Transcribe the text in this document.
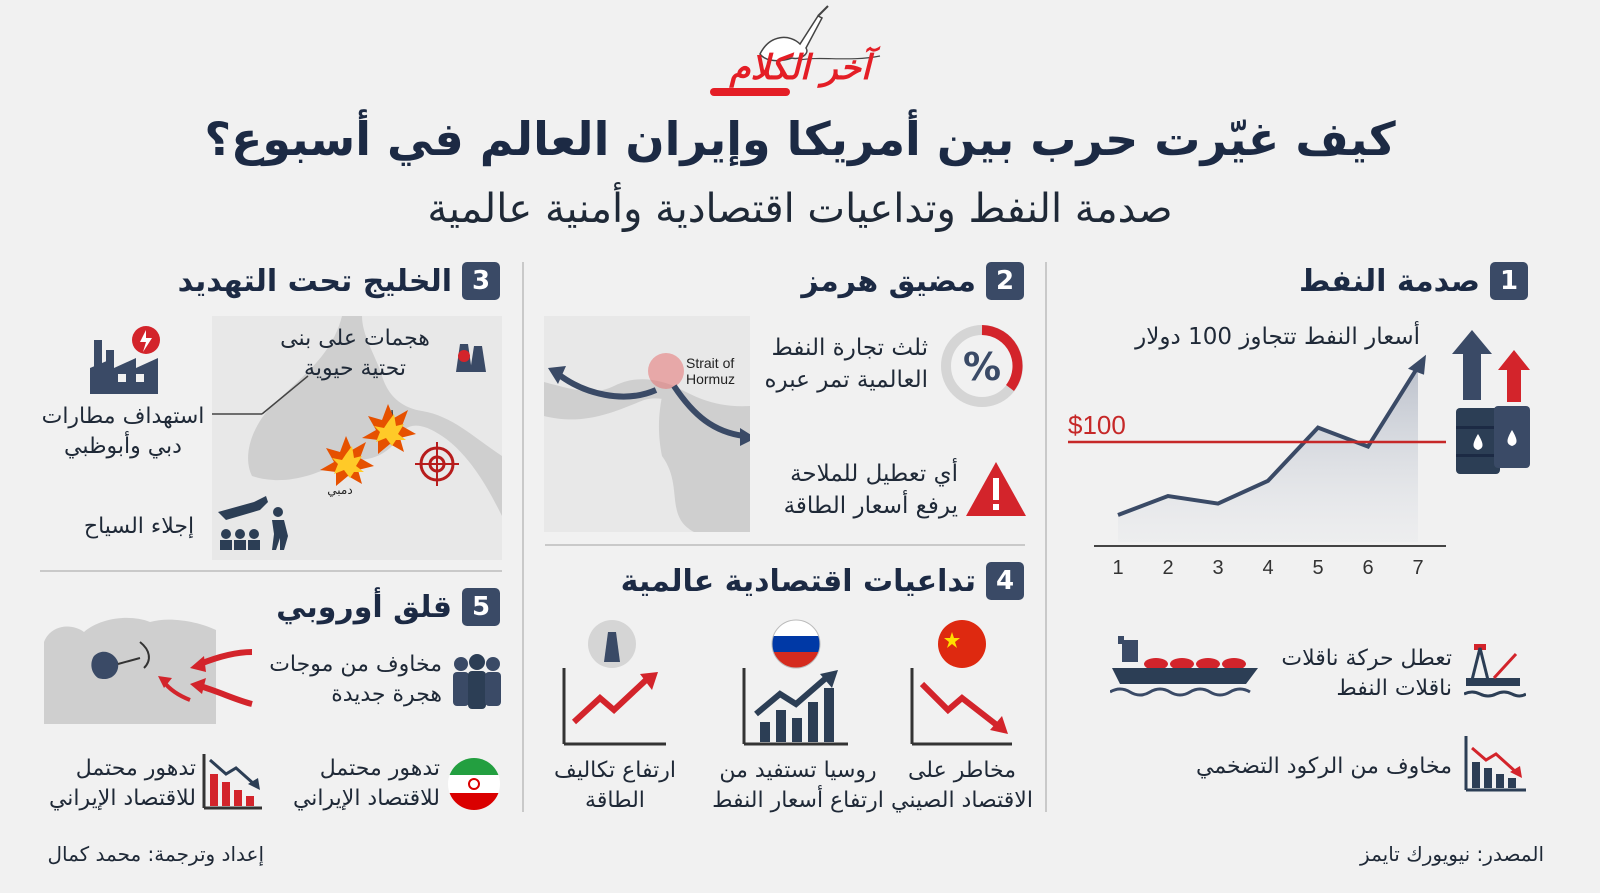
آخر الكلام
كيف غيّرت حرب بين أمريكا وإيران العالم في أسبوع؟
صدمة النفط وتداعيات اقتصادية وأمنية عالمية
1
صدمة النفط
أسعار النفط تتجاوز 100 دولار
$100
1 2 3 4 5 6 7
تعطل حركة ناقلات
ناقلات النفط
مخاوف من الركود التضخمي
2
مضيق هرمز
Strait of
Hormuz	%
ثلث تجارة النفط
العالمية تمر عبره
أي تعطيل للملاحة
يرفع أسعار الطاقة
3
الخليج تحت التهديد
دمبي
هجمات على بنى
تحتية حيوية
استهداف مطارات
دبي وأبوظبي
إجلاء السياح
4
تداعيات اقتصادية عالمية
مخاطر على
الاقتصاد الصيني
روسيا تستفيد من
ارتفاع أسعار النفط
ارتفاع تكاليف
الطاقة
5
قلق أوروبي
مخاوف من موجات
هجرة جديدة
تدهور محتمل
للاقتصاد الإيراني
تدهور محتمل
للاقتصاد الإيراني
المصدر: نيويورك تايمز
إعداد وترجمة: محمد كمال
